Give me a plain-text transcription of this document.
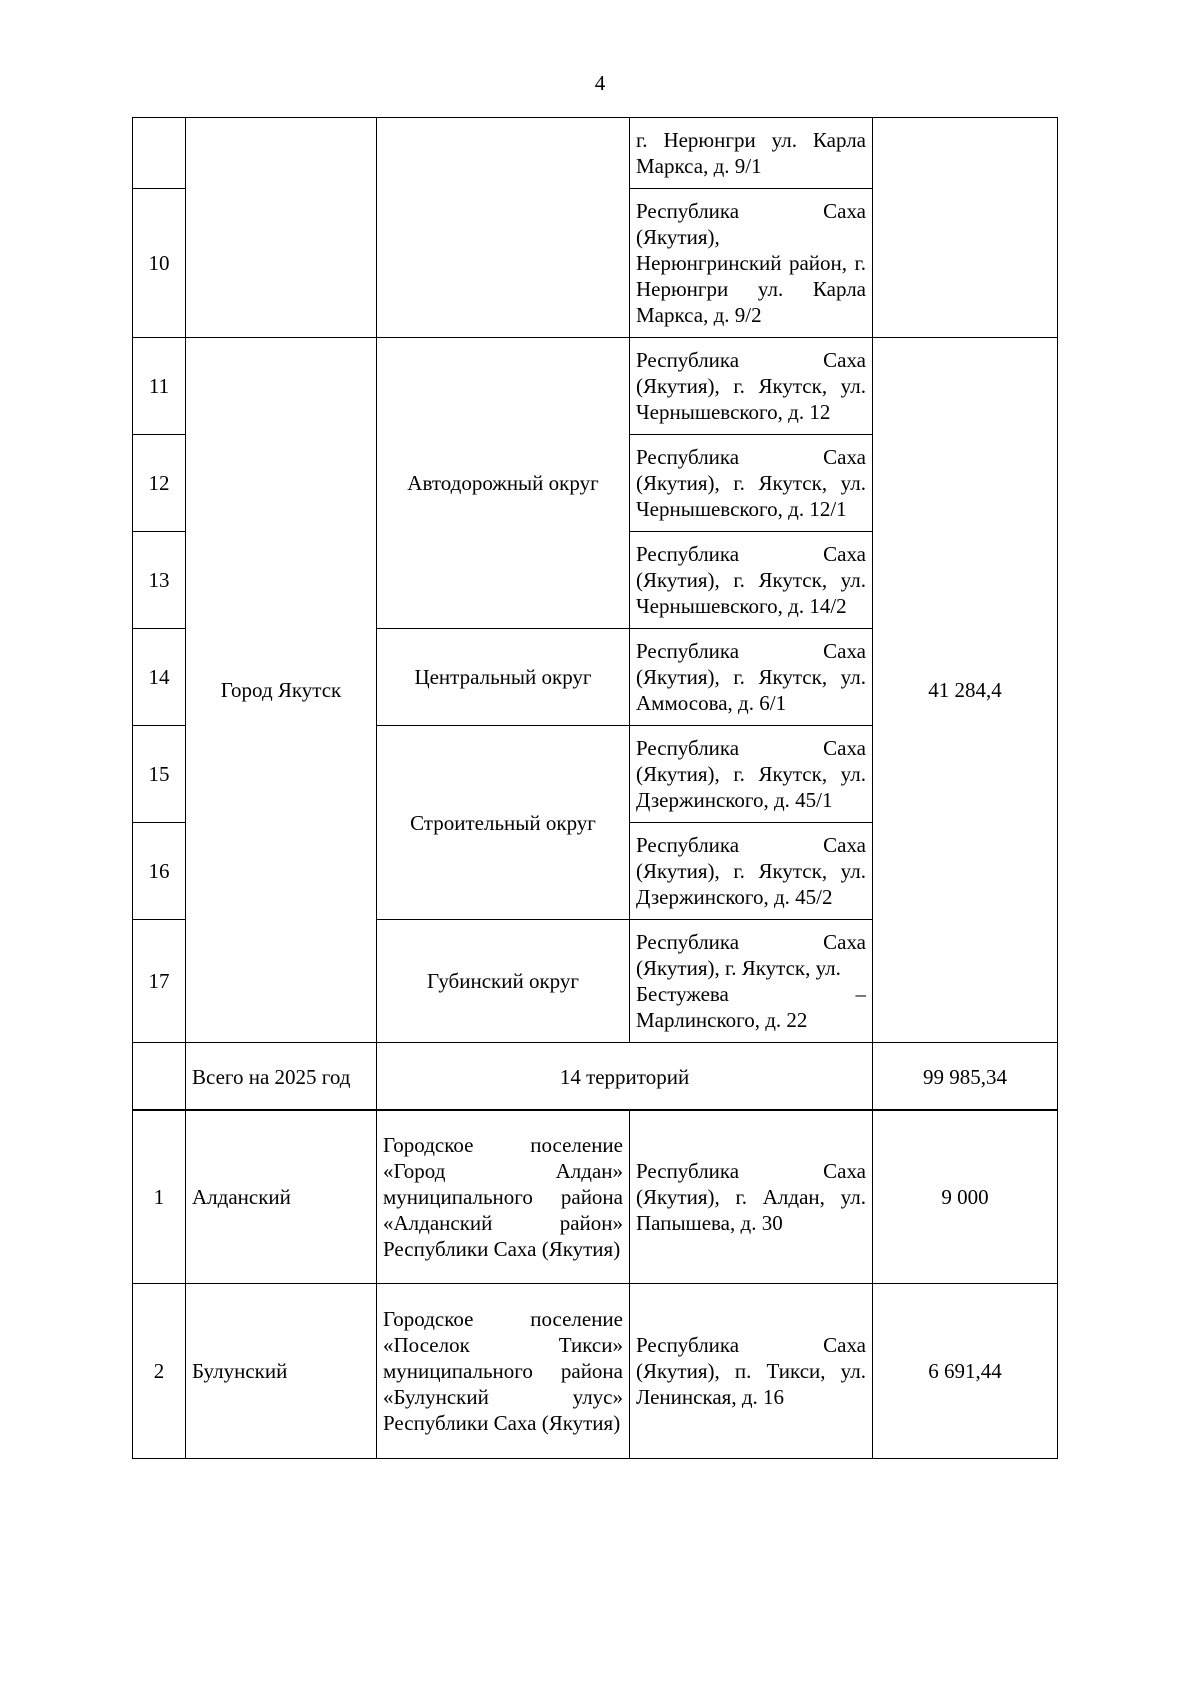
4
			г. Нерюнгри ул. Карла Маркса, д. 9/1	
10			Республика Саха (Якутия), Нерюнгринский район, г. Нерюнгри ул. Карла Маркса, д. 9/2	
11	Город Якутск	Автодорожный округ	Республика Саха (Якутия), г. Якутск, ул. Чернышевского, д. 12	41 284,4
12			Республика Саха (Якутия), г. Якутск, ул. Чернышевского, д. 12/1	
13			Республика Саха (Якутия), г. Якутск, ул. Чернышевского, д. 14/2	
14		Центральный округ	Республика Саха (Якутия), г. Якутск, ул. Аммосова, д. 6/1	
15		Строительный округ	Республика Саха (Якутия), г. Якутск, ул. Дзержинского, д. 45/1	
16			Республика Саха (Якутия), г. Якутск, ул. Дзержинского, д. 45/2	
17		Губинский округ	Республика Саха (Якутия), г. Якутск, ул.
Бестужева –
Марлинского, д. 22	

	Всего на 2025 год	14 территорий		99 985,34
1	Алданский	Городское поселение «Город Алдан» муниципального района «Алданский район» Республики Саха (Якутия)	Республика Саха (Якутия), г. Алдан, ул. Папышева, д. 30	9 000
2	Булунский	Городское поселение «Поселок Тикси» муниципального района «Булунский улус» Республики Саха (Якутия)	Республика Саха (Якутия), п. Тикси, ул. Ленинская, д. 16	6 691,44
